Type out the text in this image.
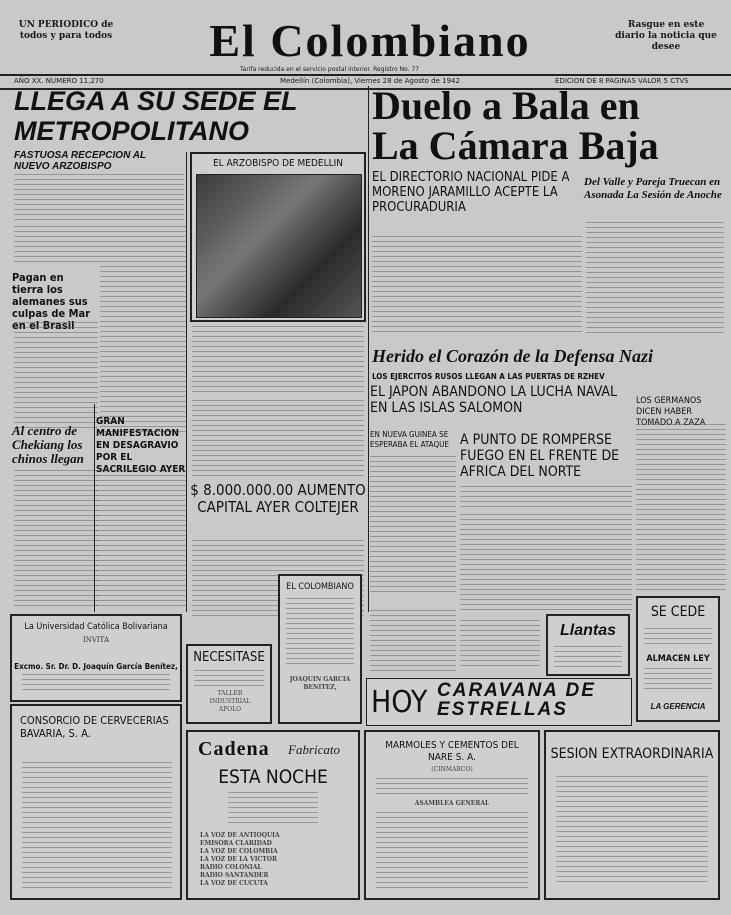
UN PERIODICO de todos y para todos	El Colombiano	Rasgue en este diario la noticia que desee
AÑO XX. NUMERO 11,270
Tarifa reducida en el servicio postal interior. Registro No. 77
Medellín (Colombia), Viernes 28 de Agosto de 1942	EDICION DE 8 PAGINAS VALOR 5 CTVS
LLEGA A SU SEDE EL
METROPOLITANO
FASTUOSA RECEPCION AL NUEVO ARZOBISPO
Pagan en tierra los alemanes sus culpas de Mar en el Brasil
Al centro de Chekiang los chinos llegan
EL ARZOBISPO DE MEDELLIN
GRAN MANIFESTACION EN DESAGRAVIO POR EL SACRILEGIO AYER
$ 8.000.000.00 AUMENTO CAPITAL AYER COLTEJER
Duelo a Bala en
La Cámara Baja
EL DIRECTORIO NACIONAL PIDE A MORENO JARAMILLO ACEPTE LA PROCURADURIA
Del Valle y Pareja Truecan en Asonada La Sesión de Anoche
Herido el Corazón de la Defensa Nazi
LOS EJERCITOS RUSOS LLEGAN A LAS PUERTAS DE RZHEV
EL JAPON ABANDONO LA LUCHA NAVAL EN LAS ISLAS SALOMON	LOS GERMANOS DICEN HABER TOMADO A ZAZA
EN NUEVA GUINEA SE ESPERABA EL ATAQUE A PUNTO DE ROMPERSE FUEGO EN EL FRENTE DE AFRICA DEL NORTE
La Universidad Católica Bolivariana
INVITA
Excmo. Sr. Dr. D. Joaquín García Benítez,
CONSORCIO DE CERVECERIAS BAVARIA, S. A.
NECESITASE
TALLER INDUSTRIAL APOLO
EL COLOMBIANO
JOAQUIN GARCIA BENITEZ,
Llantas
SE CEDE
ALMACEN LEY
LA GERENCIA
HOY CARAVANA DE
ESTRELLAS
Cadena Fabricato
ESTA NOCHE
LA VOZ DE ANTIOQUIA
EMISORA CLARIDAD
LA VOZ DE COLOMBIA
LA VOZ DE LA VICTOR
RADIO COLONIAL
RADIO SANTANDER
LA VOZ DE CUCUTA
MARMOLES Y CEMENTOS DEL NARE S. A.
(CINMARCO)
ASAMBLEA GENERAL
SESION EXTRAORDINARIA
